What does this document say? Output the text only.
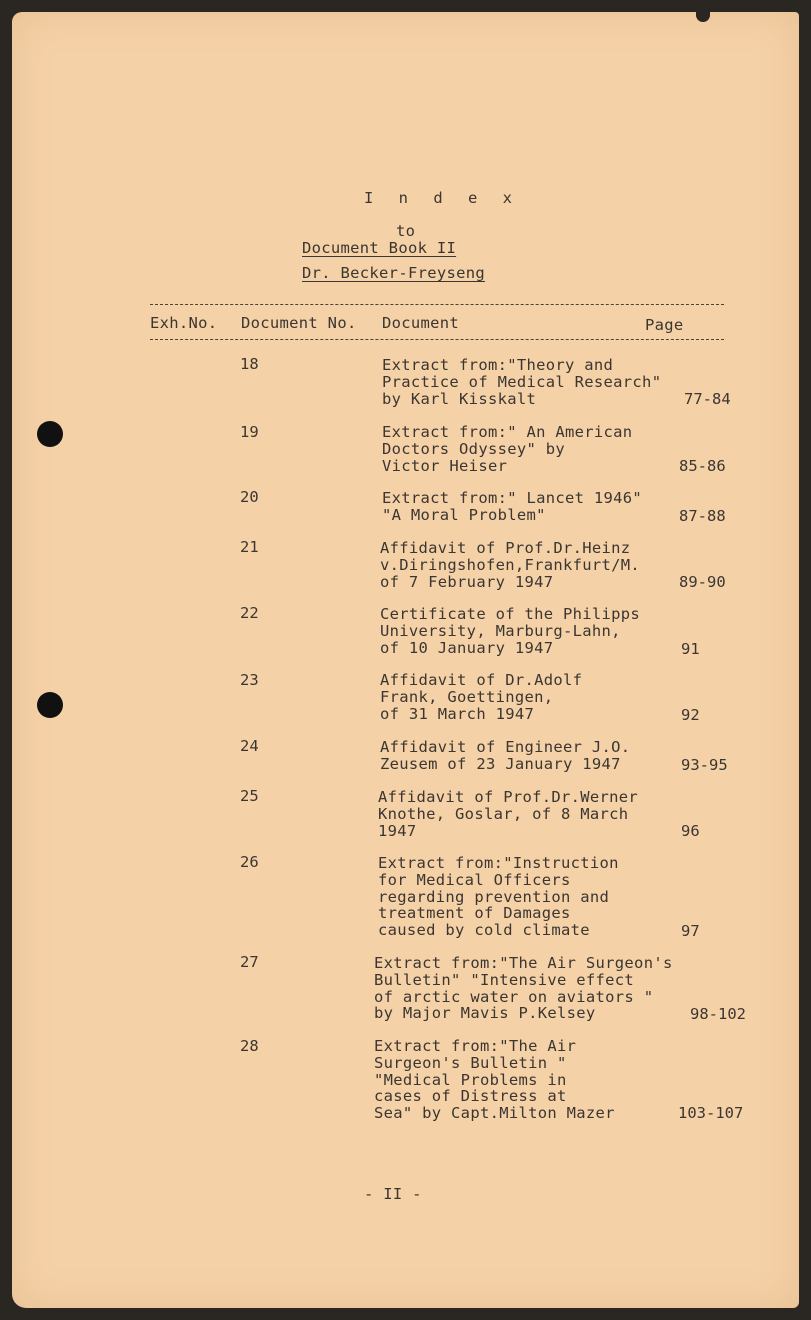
I n d e x
to
Document Book II
Dr. Becker-Freyseng
Exh.No. Document No. Document	Page
18	Extract from:"Theory and
Practice of Medical Research"
by Karl Kisskalt	77-84
19	Extract from:" An American
Doctors Odyssey" by
Victor Heiser	85-86
20	Extract from:" Lancet 1946"
"A Moral Problem"	87-88
21	Affidavit of Prof.Dr.Heinz
v.Diringshofen,Frankfurt/M.
of 7 February 1947	89-90
22	Certificate of the Philipps
University, Marburg-Lahn,
of 10 January 1947	91
23	Affidavit of Dr.Adolf
Frank, Goettingen,
of 31 March 1947	92
24	Affidavit of Engineer J.O.
Zeusem of 23 January 1947	93-95
25	Affidavit of Prof.Dr.Werner
Knothe, Goslar, of 8 March
1947	96
26	Extract from:"Instruction
for Medical Officers
regarding prevention and
treatment of Damages
caused by cold climate	97
27	Extract from:"The Air Surgeon's
Bulletin" "Intensive effect
of arctic water on aviators "
by Major Mavis P.Kelsey	98-102
28	Extract from:"The Air
Surgeon's Bulletin "
"Medical Problems in
cases of Distress at
Sea" by Capt.Milton Mazer	103-107
- II -
